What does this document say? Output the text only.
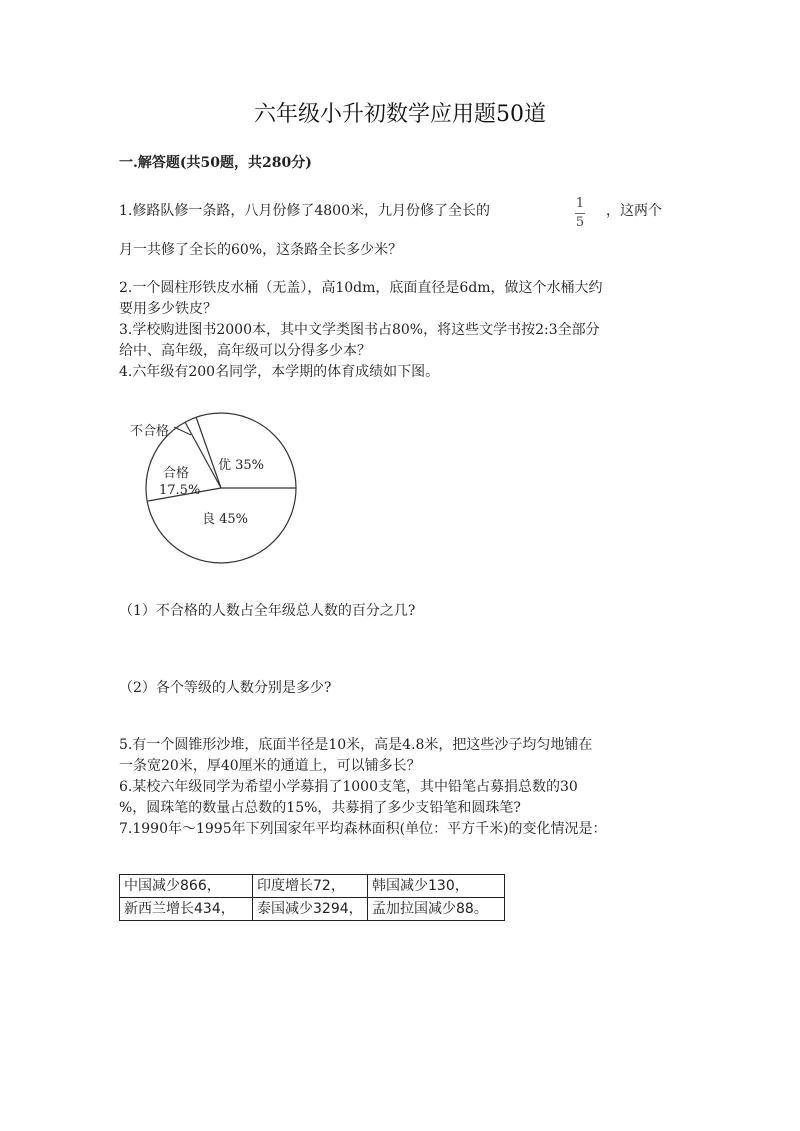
六年级小升初数学应用题50道
一.解答题(共50题，共280分)
1.修路队修一条路，八月份修了4800米，九月份修了全长的	1
5
，这两个
月一共修了全长的60%，这条路全长多少米？
2.一个圆柱形铁皮水桶（无盖），高10dm，底面直径是6dm，做这个水桶大约
要用多少铁皮？
3.学校购进图书2000本，其中文学类图书占80%，将这些文学书按2:3全部分
给中、高年级，高年级可以分得多少本？
4.六年级有200名同学，本学期的体育成绩如下图。
不合格
优 35%
合格
17.5%
良 45%
（1）不合格的人数占全年级总人数的百分之几?
（2）各个等级的人数分别是多少?
5.有一个圆锥形沙堆，底面半径是10米，高是4.8米，把这些沙子均匀地铺在
一条宽20米，厚40厘米的通道上，可以铺多长？
6.某校六年级同学为希望小学募捐了1000支笔，其中铅笔占募捐总数的30
%，圆珠笔的数量占总数的15%，共募捐了多少支铅笔和圆珠笔?
7.1990年～1995年下列国家年平均森林面积(单位：平方千米)的变化情况是：
中国减少866，	印度增长72，	韩国减少130，
新西兰增长434，	泰国减少3294，	孟加拉国减少88。
